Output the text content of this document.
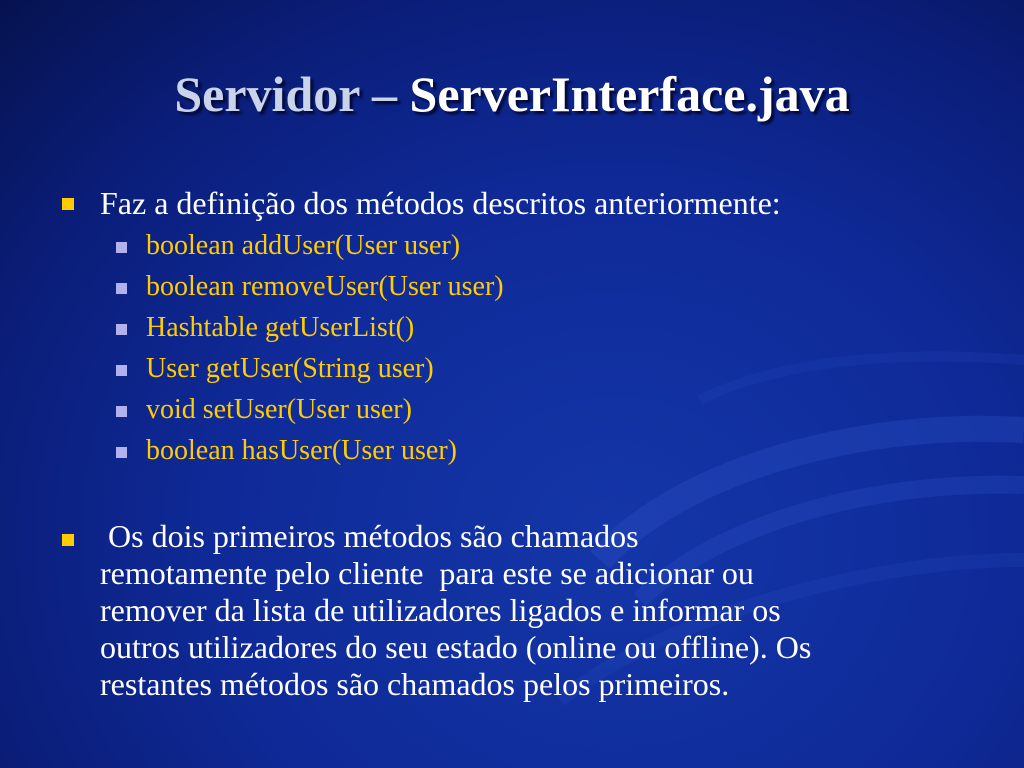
Servidor – ServerInterface.java
Faz a definição dos métodos descritos anteriormente:
boolean addUser(User user)
boolean removeUser(User user)
Hashtable getUserList()
User getUser(String user)
void setUser(User user)
boolean hasUser(User user)
Os dois primeiros métodos são chamados
remotamente pelo cliente  para este se adicionar ou
remover da lista de utilizadores ligados e informar os
outros utilizadores do seu estado (online ou offline). Os
restantes métodos são chamados pelos primeiros.
